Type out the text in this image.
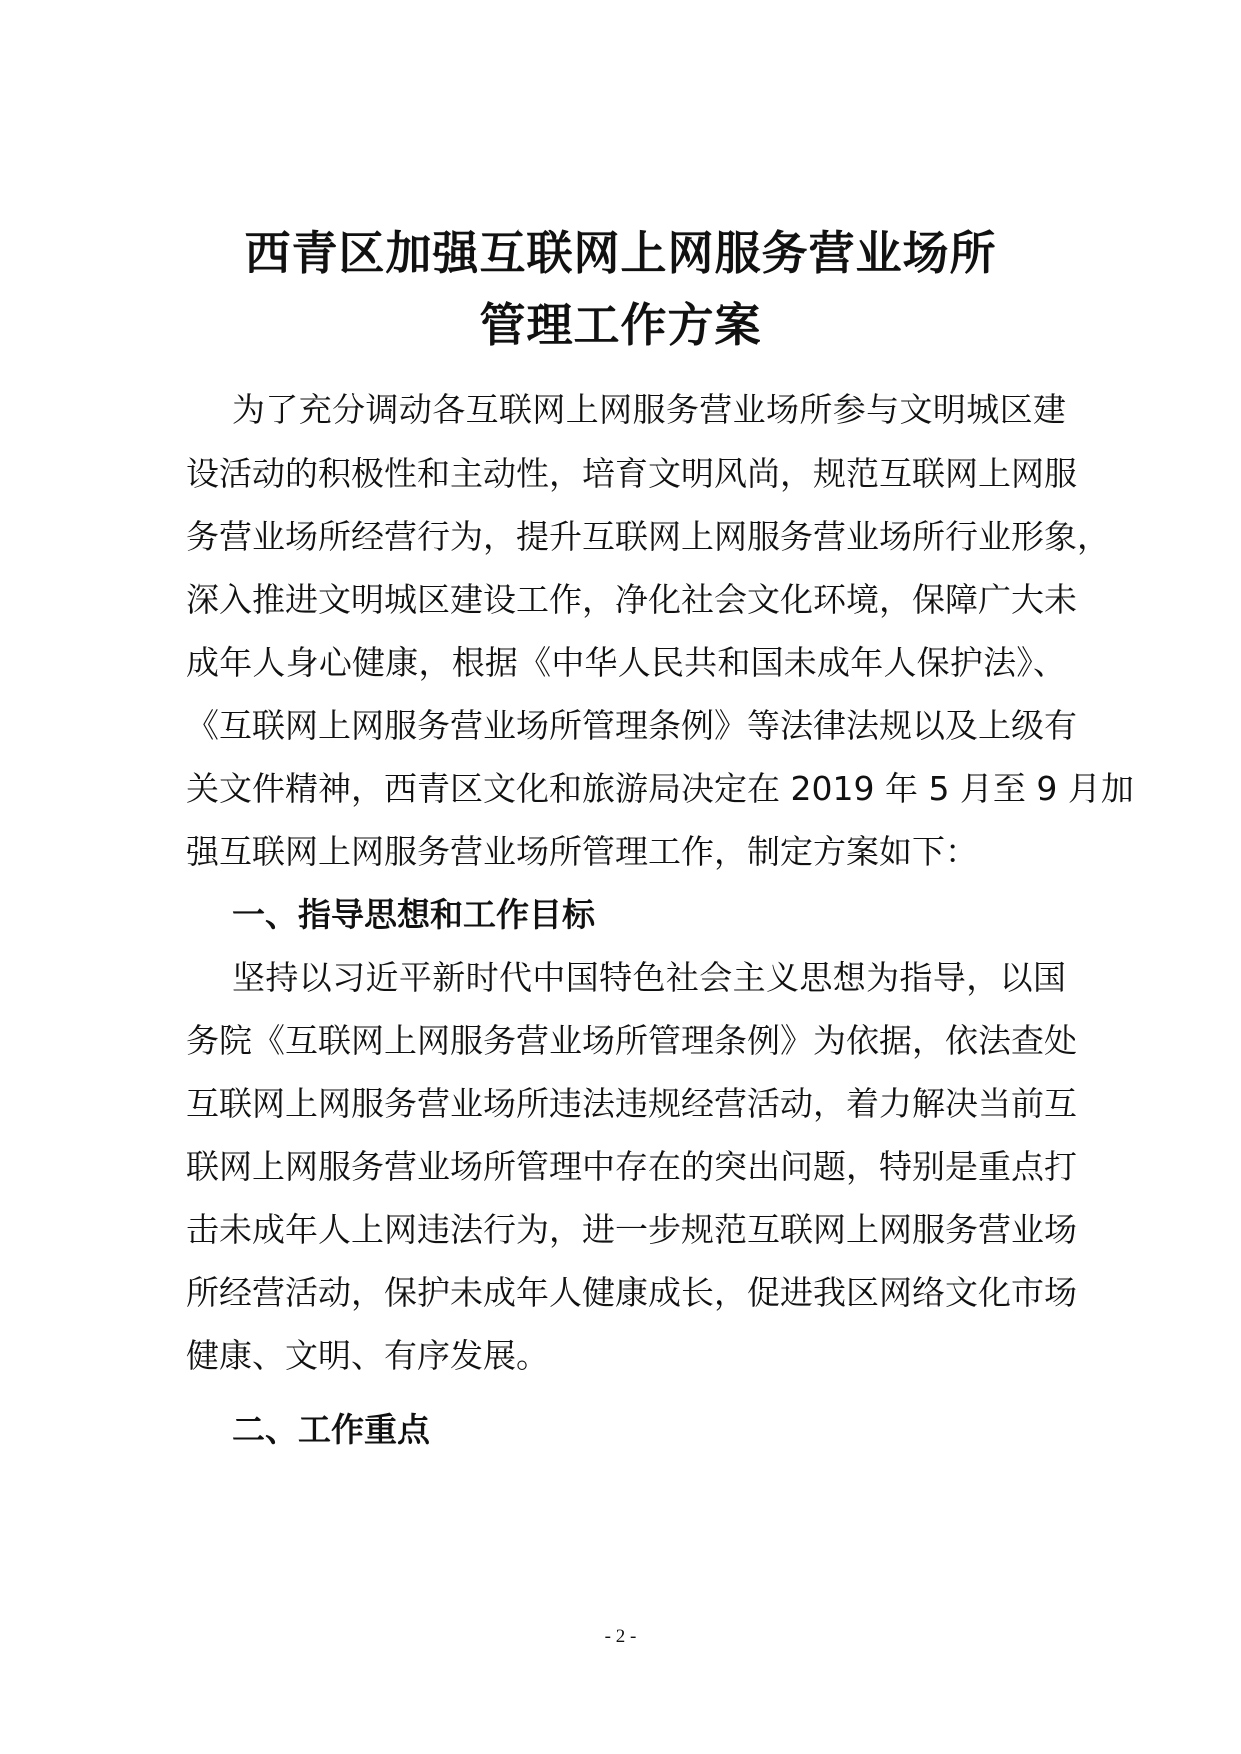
西青区加强互联网上网服务营业场所
管理工作方案

为了充分调动各互联网上网服务营业场所参与文明城区建

设活动的积极性和主动性，培育文明风尚，规范互联网上网服

务营业场所经营行为，提升互联网上网服务营业场所行业形象，

深入推进文明城区建设工作，净化社会文化环境，保障广大未

成年人身心健康，根据《中华人民共和国未成年人保护法》、

《互联网上网服务营业场所管理条例》等法律法规以及上级有

关文件精神，西青区文化和旅游局决定在 2019 年 5 月至 9 月加

强互联网上网服务营业场所管理工作，制定方案如下：

一、指导思想和工作目标

坚持以习近平新时代中国特色社会主义思想为指导，以国

务院《互联网上网服务营业场所管理条例》为依据，依法查处

互联网上网服务营业场所违法违规经营活动，着力解决当前互

联网上网服务营业场所管理中存在的突出问题，特别是重点打

击未成年人上网违法行为，进一步规范互联网上网服务营业场

所经营活动，保护未成年人健康成长，促进我区网络文化市场

健康、文明、有序发展。

二、工作重点
- 2 -
